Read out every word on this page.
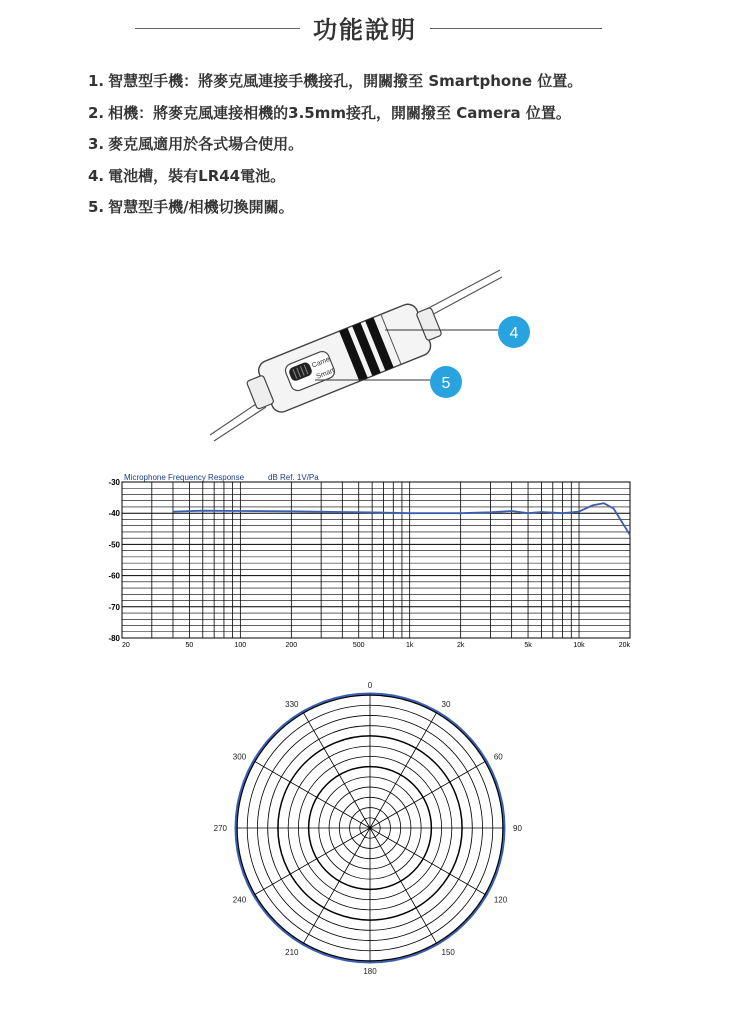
功能說明
1. 智慧型手機：將麥克風連接手機接孔，開關撥至 Smartphone 位置。
2. 相機：將麥克風連接相機的3.5mm接孔，開關撥至 Camera 位置。
3. 麥克風適用於各式場合使用。
4. 電池槽，裝有LR44電池。
5. 智慧型手機/相機切換開關。
Came
Smart
4
5
Microphone Frequency Response	dB Ref. 1V/Pa
-30
-40
-50
-60
-70
-80
20	50	100	200	500	1k	2k	5k	10k	20k
0
30
60
90
120
150
180
210
240
270
300
330
